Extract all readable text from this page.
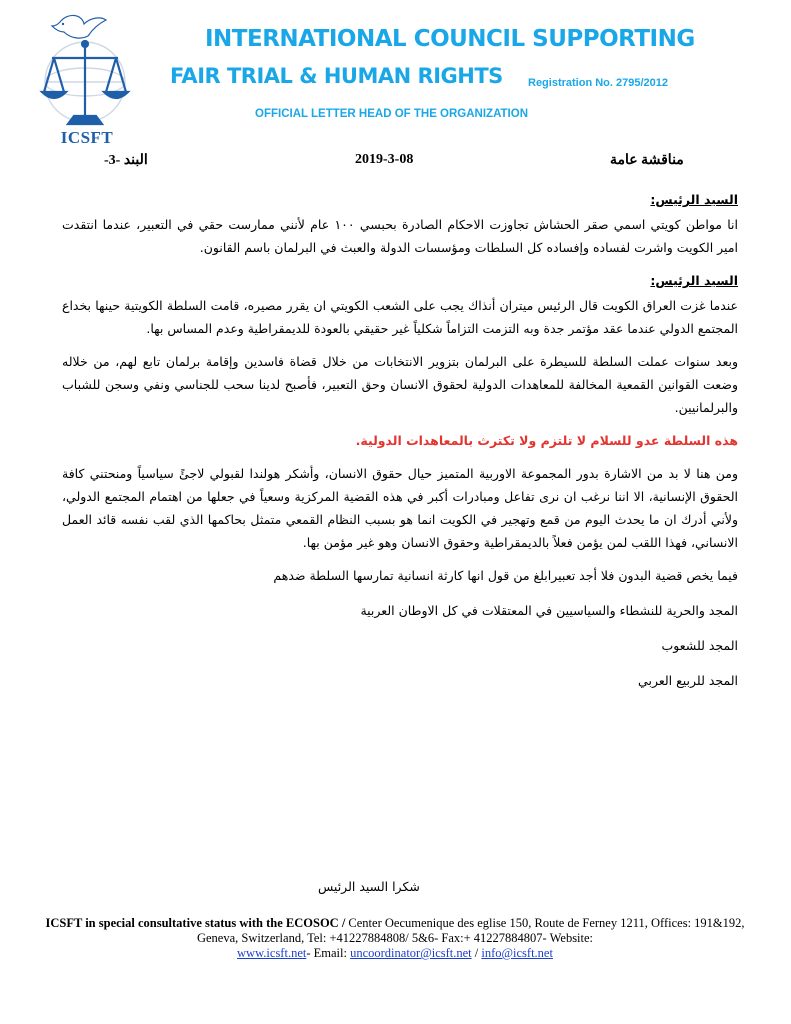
ICSFT
INTERNATIONAL COUNCIL SUPPORTING
FAIR TRIAL & HUMAN RIGHTS Registration No. 2795/2012
OFFICIAL LETTER HEAD OF THE ORGANIZATION
البند -3-	2019-3-08	مناقشة عامة

السيد الرئيس:

انا مواطن كويتي اسمي صقر الحشاش تجاوزت الاحكام الصادرة بحبسي ١٠٠ عام لأنني ممارست حقي في التعبير، عندما انتقدت امير الكويت واشرت لفساده وإفساده كل السلطات ومؤسسات الدولة والعبث في البرلمان باسم القانون.

السيد الرئيس:

عندما غزت العراق الكويت قال الرئيس ميتران أنذاك يجب على الشعب الكويتي ان يقرر مصيره، قامت السلطة الكويتية حينها بخداع المجتمع الدولي عندما عقد مؤتمر جدة وبه التزمت التزاماً شكلياً غير حقيقي بالعودة للديمقراطية وعدم المساس بها.

وبعد سنوات عملت السلطة للسيطرة على البرلمان بتزوير الانتخابات من خلال قضاة فاسدين وإقامة برلمان تابع لهم، من خلاله وضعت القوانين القمعية المخالفة للمعاهدات الدولية لحقوق الانسان وحق التعبير، فأصبح لدينا سحب للجناسي ونفي وسجن للشباب والبرلمانيين.

هذه السلطة عدو للسلام لا تلتزم ولا تكترث بالمعاهدات الدولية.

ومن هنا لا بد من الاشارة بدور المجموعة الاوربية المتميز حيال حقوق الانسان، وأشكر هولندا لقبولي لاجئً سياسياً ومنحتني كافة الحقوق الإنسانية، الا اننا نرغب ان نرى تفاعل ومبادرات أكبر في هذه القضية المركزية وسعياً في جعلها من اهتمام المجتمع الدولي، ولأني أدرك ان ما يحدث اليوم من قمع وتهجير في الكويت انما هو بسبب النظام القمعي متمثل بحاكمها الذي لقب نفسه قائد العمل الانساني، فهذا اللقب لمن يؤمن فعلاً بالديمقراطية وحقوق الانسان وهو غير مؤمن بها.

فيما يخص قضية البدون فلا أجد تعبيرابلغ من قول انها كارثة انسانية تمارسها السلطة ضدهم

المجد والحرية للنشطاء والسياسيين في المعتقلات في كل الاوطان العربية

المجد للشعوب

المجد للربيع العربي

شكرا السيد الرئيس
ICSFT in special consultative status with the ECOSOC / Center Oecumenique des eglise 150, Route de Ferney 1211, Offices: 191&192, Geneva, Switzerland, Tel: +41227884808/ 5&6- Fax:+ 41227884807- Website:
www.icsft.net- Email: uncoordinator@icsft.net / info@icsft.net
